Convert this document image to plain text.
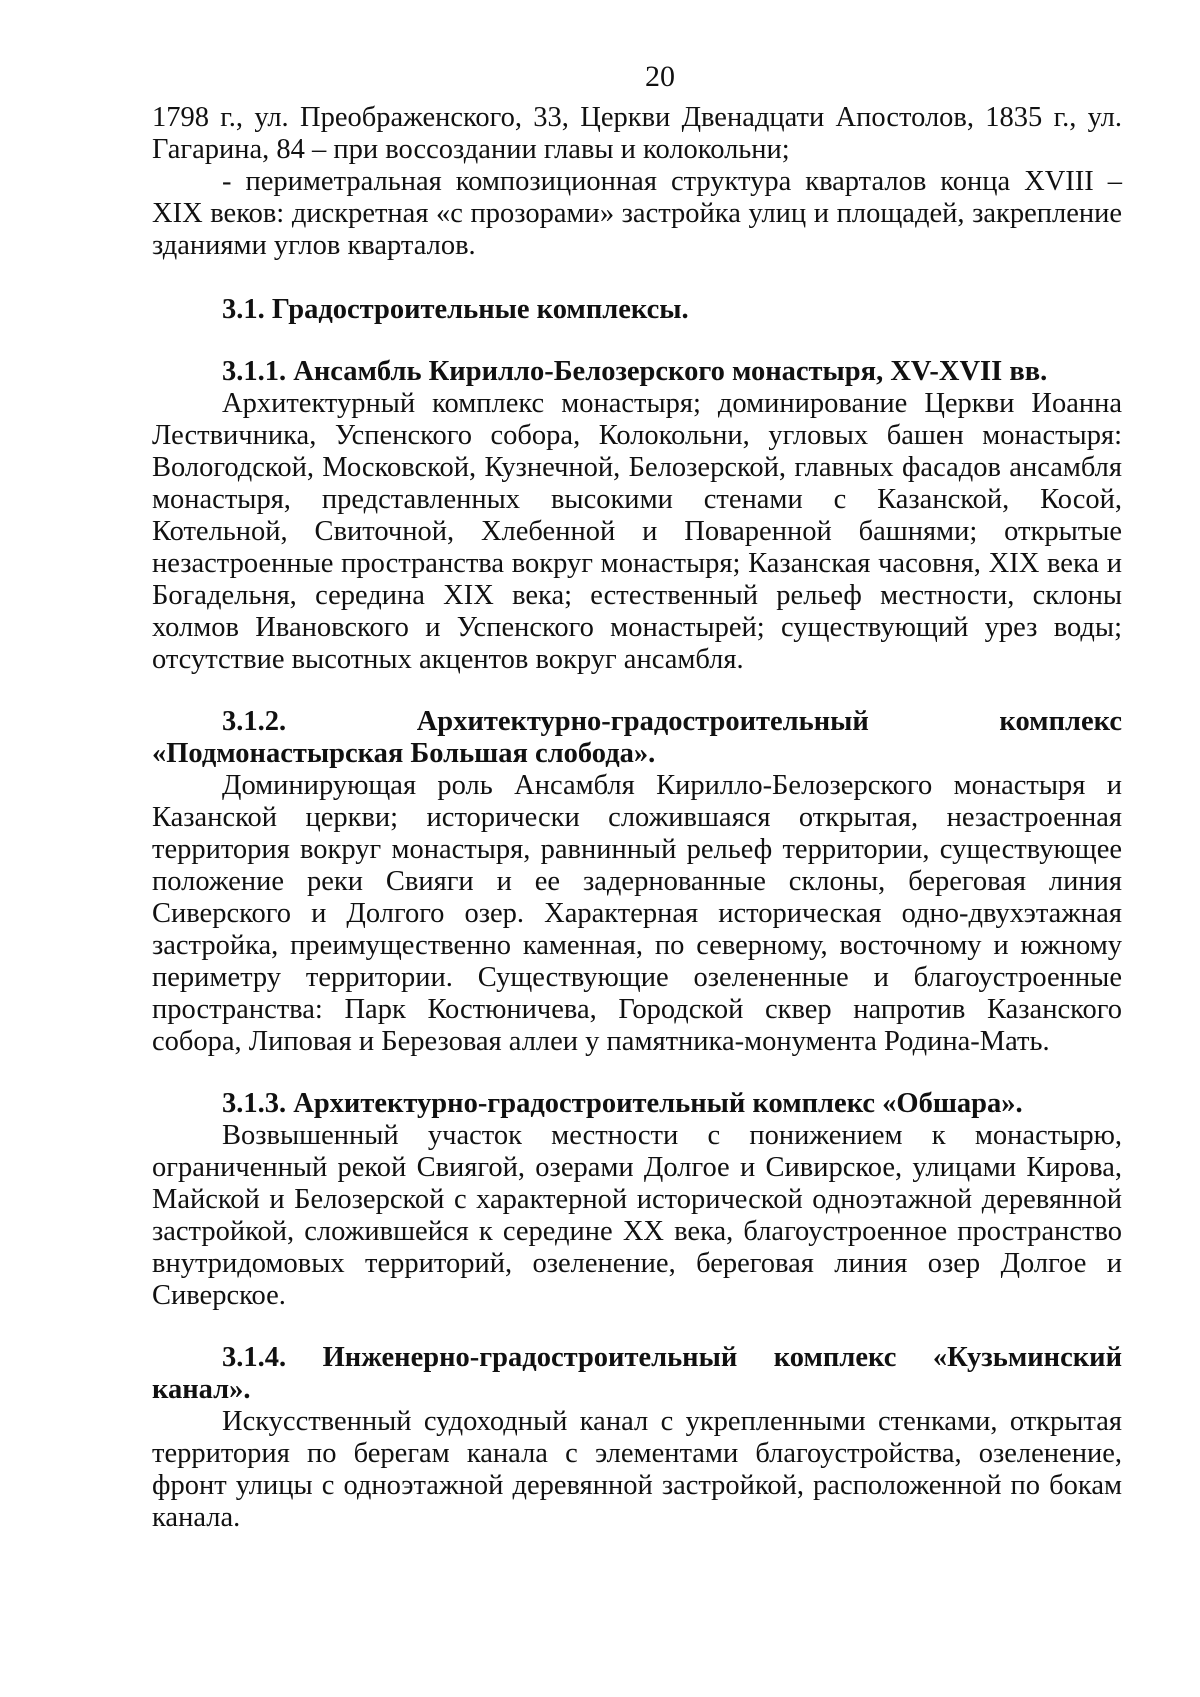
20

1798 г., ул. Преображенского, 33, Церкви Двенадцати Апостолов, 1835 г., ул. Гагарина, 84 – при воссоздании главы и колокольни;

- периметральная композиционная структура кварталов конца XVIII – XIX веков: дискретная «с прозорами» застройка улиц и площадей, закрепление зданиями углов кварталов.

3.1. Градостроительные комплексы.

3.1.1. Ансамбль Кирилло-Белозерского монастыря, XV-XVII вв.

Архитектурный комплекс монастыря; доминирование Церкви Иоанна Лествичника, Успенского собора, Колокольни, угловых башен монастыря: Вологодской, Московской, Кузнечной, Белозерской, главных фасадов ансамбля монастыря, представленных высокими стенами с Казанской, Косой, Котельной, Свиточной, Хлебенной и Поваренной башнями; открытые незастроенные пространства вокруг монастыря; Казанская часовня, XIX века и Богадельня, середина XIX века; естественный рельеф местности, склоны холмов Ивановского и Успенского монастырей; существующий урез воды; отсутствие высотных акцентов вокруг ансамбля.

3.1.2. Архитектурно-градостроительный комплекс «Подмонастырская Большая слобода».

Доминирующая роль Ансамбля Кирилло-Белозерского монастыря и Казанской церкви; исторически сложившаяся открытая, незастроенная территория вокруг монастыря, равнинный рельеф территории, существующее положение реки Свияги и ее задернованные склоны, береговая линия Сиверского и Долгого озер. Характерная историческая одно-двухэтажная застройка, преимущественно каменная, по северному, восточному и южному периметру территории. Существующие озелененные и благоустроенные пространства: Парк Костюничева, Городской сквер напротив Казанского собора, Липовая и Березовая аллеи у памятника-монумента Родина-Мать.

3.1.3. Архитектурно-градостроительный комплекс «Обшара».

Возвышенный участок местности с понижением к монастырю, ограниченный рекой Свиягой, озерами Долгое и Сивирское, улицами Кирова, Майской и Белозерской с характерной исторической одноэтажной деревянной застройкой, сложившейся к середине XX века, благоустроенное пространство внутридомовых территорий, озеленение, береговая линия озер Долгое и Сиверское.

3.1.4. Инженерно-градостроительный комплекс «Кузьминский канал».

Искусственный судоходный канал с укрепленными стенками, открытая территория по берегам канала с элементами благоустройства, озеленение, фронт улицы с одноэтажной деревянной застройкой, расположенной по бокам канала.
